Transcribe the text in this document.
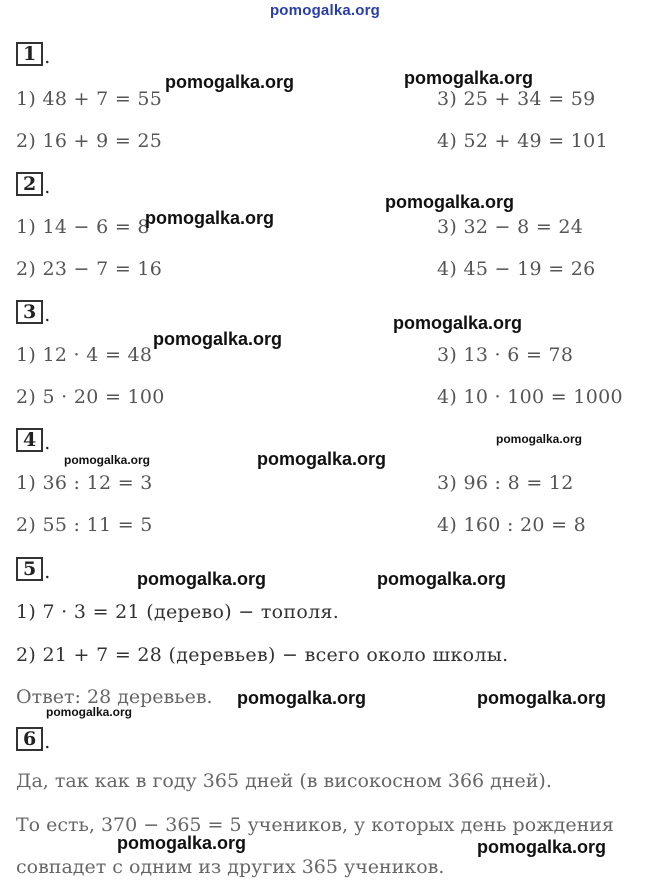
pomogalka.org
1 .
1) 48 + 7 = 55	3) 25 + 34 = 59
2) 16 + 9 = 25	4) 52 + 49 = 101
2 .
1) 14 − 6 = 8	3) 32 − 8 = 24
2) 23 − 7 = 16	4) 45 − 19 = 26
3 .
1) 12 · 4 = 48	3) 13 · 6 = 78
2) 5 · 20 = 100	4) 10 · 100 = 1000
4 .
1) 36 : 12 = 3	3) 96 : 8 = 12
2) 55 : 11 = 5	4) 160 : 20 = 8
5 .
1) 7 · 3 = 21 (дерево) − тополя.
2) 21 + 7 = 28 (деревьев) − всего около школы.
Ответ: 28 деревьев.
6 .
Да, так как в году 365 дней (в високосном 366 дней).
То есть, 370 − 365 = 5 учеников, у которых день рождения
совпадет с одним из других 365 учеников.
pomogalka.org	pomogalka.org
pomogalka.org
pomogalka.org
pomogalka.org
pomogalka.org
pomogalka.org	pomogalka.org
pomogalka.org
pomogalka.org	pomogalka.org
pomogalka.org	pomogalka.org
pomogalka.org
pomogalka.org	pomogalka.org
